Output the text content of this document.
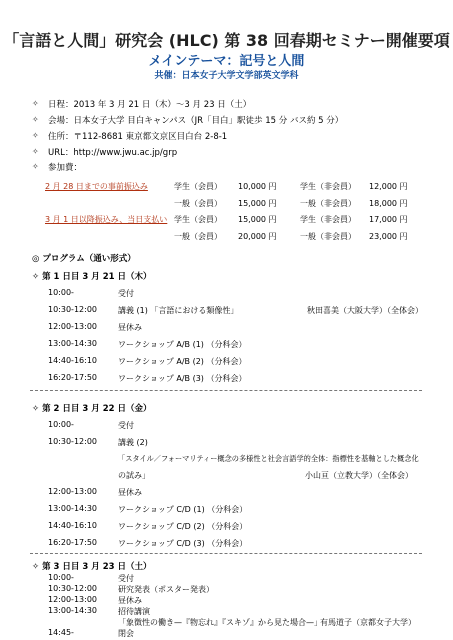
「言語と人間」研究会 (HLC) 第 38 回春期セミナー開催要項
メインテーマ：記号と人間
共催：日本女子大学文学部英文学科
✧ 日程：2013 年 3 月 21 日（木）〜3 月 23 日（土）
✧ 会場：日本女子大学 目白キャンパス（JR「目白」駅徒歩 15 分 バス約 5 分）
✧ 住所：〒112-8681 東京都文京区目白台 2-8-1
✧ URL：http://www.jwu.ac.jp/grp
✧ 参加費：
2 月 28 日までの事前振込み	学生（会員） 10,000 円	学生（非会員） 12,000 円
一般（会員） 15,000 円	一般（非会員） 18,000 円
3 月 1 日以降振込み、当日支払い 学生（会員） 15,000 円	学生（非会員） 17,000 円
一般（会員） 20,000 円	一般（非会員） 23,000 円
◎ プログラム（通い形式）
✧ 第 1 日目 3 月 21 日（木）
10:00-	受付
10:30-12:00	講義 (1) 「言語における類像性」	秋田喜美（大阪大学）（全体会）
12:00-13:00	昼休み
13:00-14:30	ワークショップ A/B (1) （分科会）
14:40-16:10	ワークショップ A/B (2) （分科会）
16:20-17:50	ワークショップ A/B (3) （分科会）
✧ 第 2 日目 3 月 22 日（金）
10:00-	受付
10:30-12:00	講義 (2)
「スタイル／フォーマリティー概念の多様性と社会言語学的全体：指標性を基軸とした概念化
の試み」	小山亘（立教大学）（全体会）
12:00-13:00	昼休み
13:00-14:30	ワークショップ C/D (1) （分科会）
14:40-16:10	ワークショップ C/D (2) （分科会）
16:20-17:50	ワークショップ C/D (3) （分科会）
✧ 第 3 日目 3 月 23 日（土）
10:00-	受付
10:30-12:00	研究発表（ポスター発表）
12:00-13:00	昼休み
13:00-14:30	招待講演
「象徴性の働き—『物忘れ』『スキゾ』から見た場合—」
有馬道子（京都女子大学）
14:45-	閉会
